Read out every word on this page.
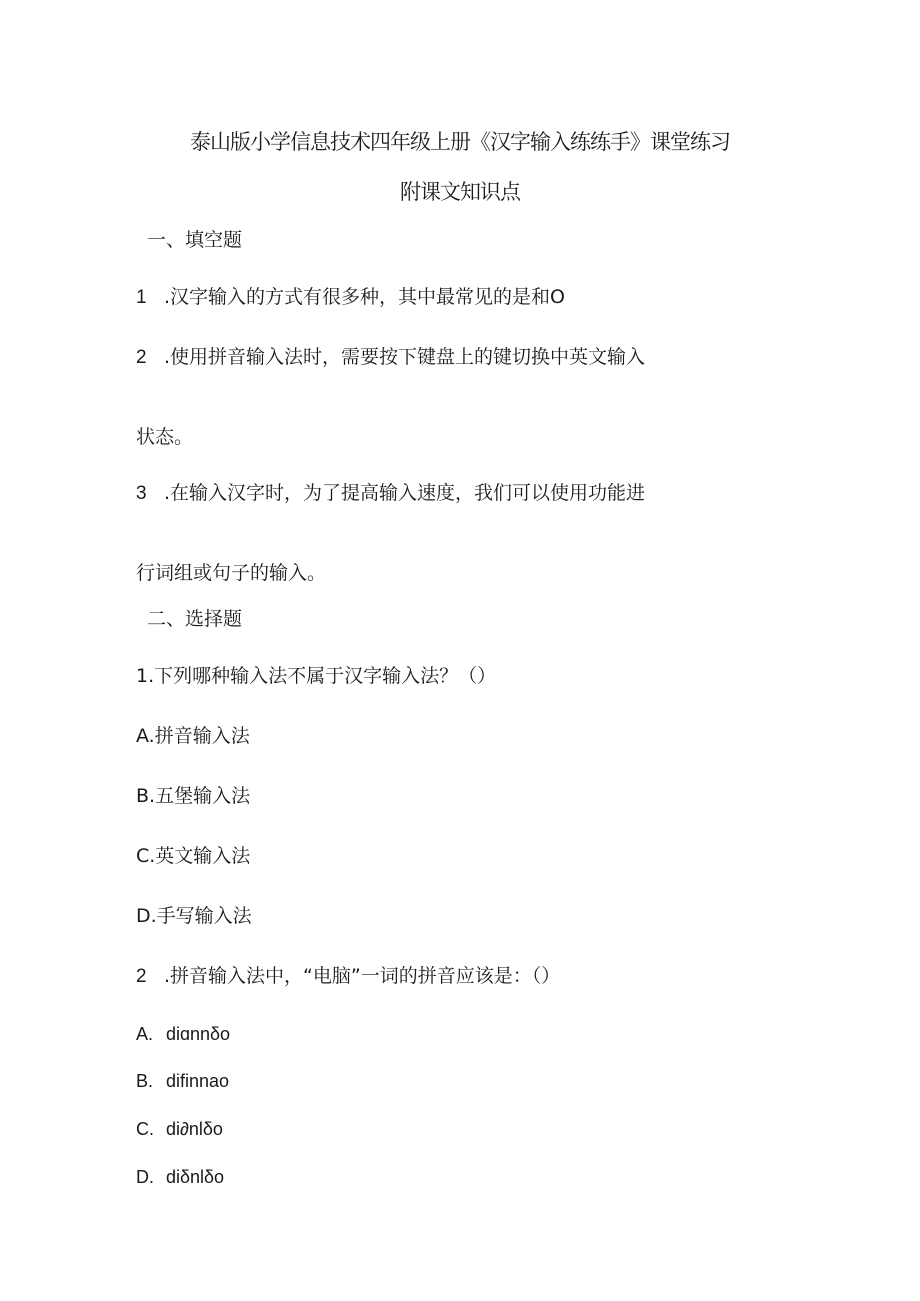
泰山版小学信息技术四年级上册《汉字输入练练手》课堂练习
附课文知识点
一、填空题
1 .汉字输入的方式有很多种，其中最常见的是和O
2 .使用拼音输入法时，需要按下键盘上的键切换中英文输入
状态。
3 .在输入汉字时，为了提高输入速度，我们可以使用功能进
行词组或句子的输入。
二、选择题
1.下列哪种输入法不属于汉字输入法？（）
A.拼音输入法
B.五堡输入法
C.英文输入法
D.手写输入法
2 .拼音输入法中，“电脑”一词的拼音应该是：（）
A. diɑnnδo
B. difinnao
C. di∂nlδo
D. diδnlδo
